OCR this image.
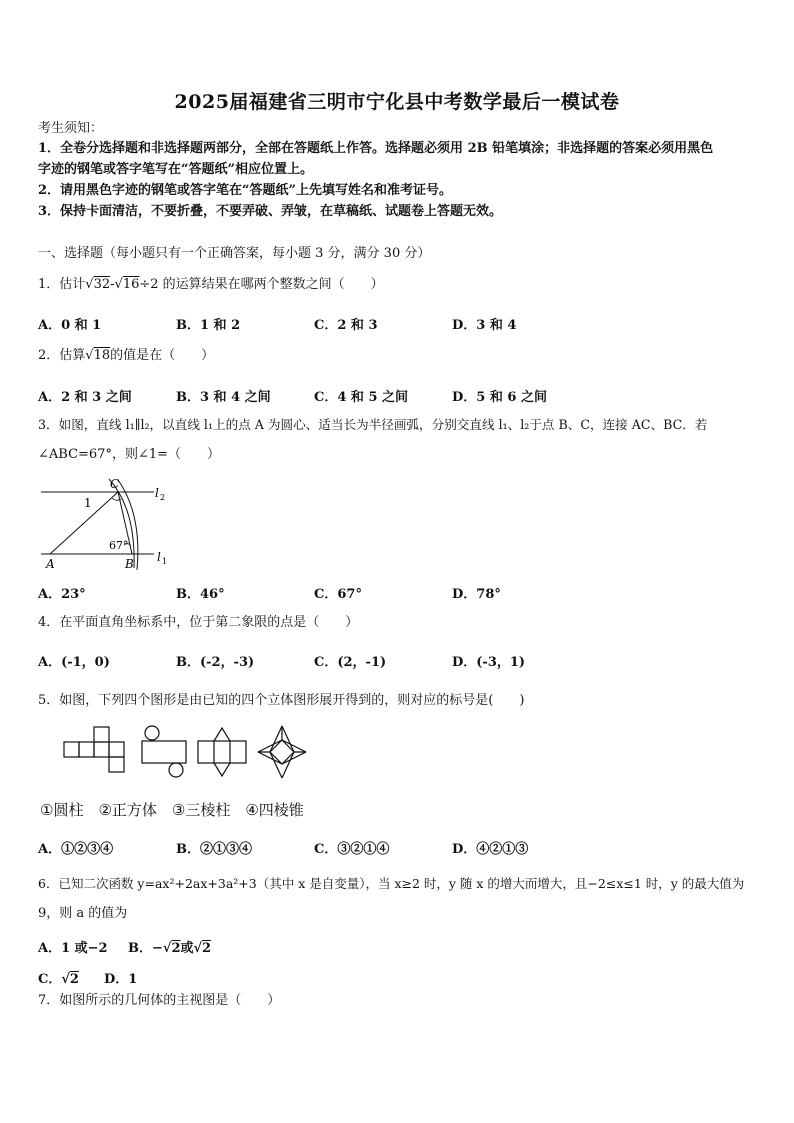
2025届福建省三明市宁化县中考数学最后一模试卷
考生须知：
1．全卷分选择题和非选择题两部分，全部在答题纸上作答。选择题必须用 2B 铅笔填涂；非选择题的答案必须用黑色
字迹的钢笔或答字笔写在“答题纸”相应位置上。
2．请用黑色字迹的钢笔或答字笔在“答题纸”上先填写姓名和准考证号。
3．保持卡面清洁，不要折叠，不要弄破、弄皱，在草稿纸、试题卷上答题无效。
一、选择题（每小题只有一个正确答案，每小题 3 分，满分 30 分）
1．估计√32-√16÷2 的运算结果在哪两个整数之间（　　）
A．0 和 1	B．1 和 2	C．2 和 3	D．3 和 4
2．估算√18的值是在（　　）
A．2 和 3 之间	B．3 和 4 之间	C．4 和 5 之间	D．5 和 6 之间
3．如图，直线 l₁∥l₂，以直线 l₁上的点 A 为圆心、适当长为半径画弧，分别交直线 l₁、l₂于点 B、C，连接 AC、BC．若
∠ABC=67°，则∠1=（　　）
C
1
l 2
67°
l 1
A	B
A．23°	B．46°	C．67°	D．78°
4．在平面直角坐标系中，位于第二象限的点是（　　）
A．(-1，0)	B．(-2，-3)	C．(2，-1)	D．(-3，1)
5．如图，下列四个图形是由已知的四个立体图形展开得到的，则对应的标号是(　　)
①圆柱　②正方体　③三棱柱　④四棱锥
A．①②③④	B．②①③④	C．③②①④	D．④②①③
6．已知二次函数 y=ax²+2ax+3a²+3（其中 x 是自变量），当 x≥2 时，y 随 x 的增大而增大，且−2≤x≤1 时，y 的最大值为
9，则 a 的值为
A．1 或−2 B．−√2或√2
C．√2 D．1
7．如图所示的几何体的主视图是（　　）
